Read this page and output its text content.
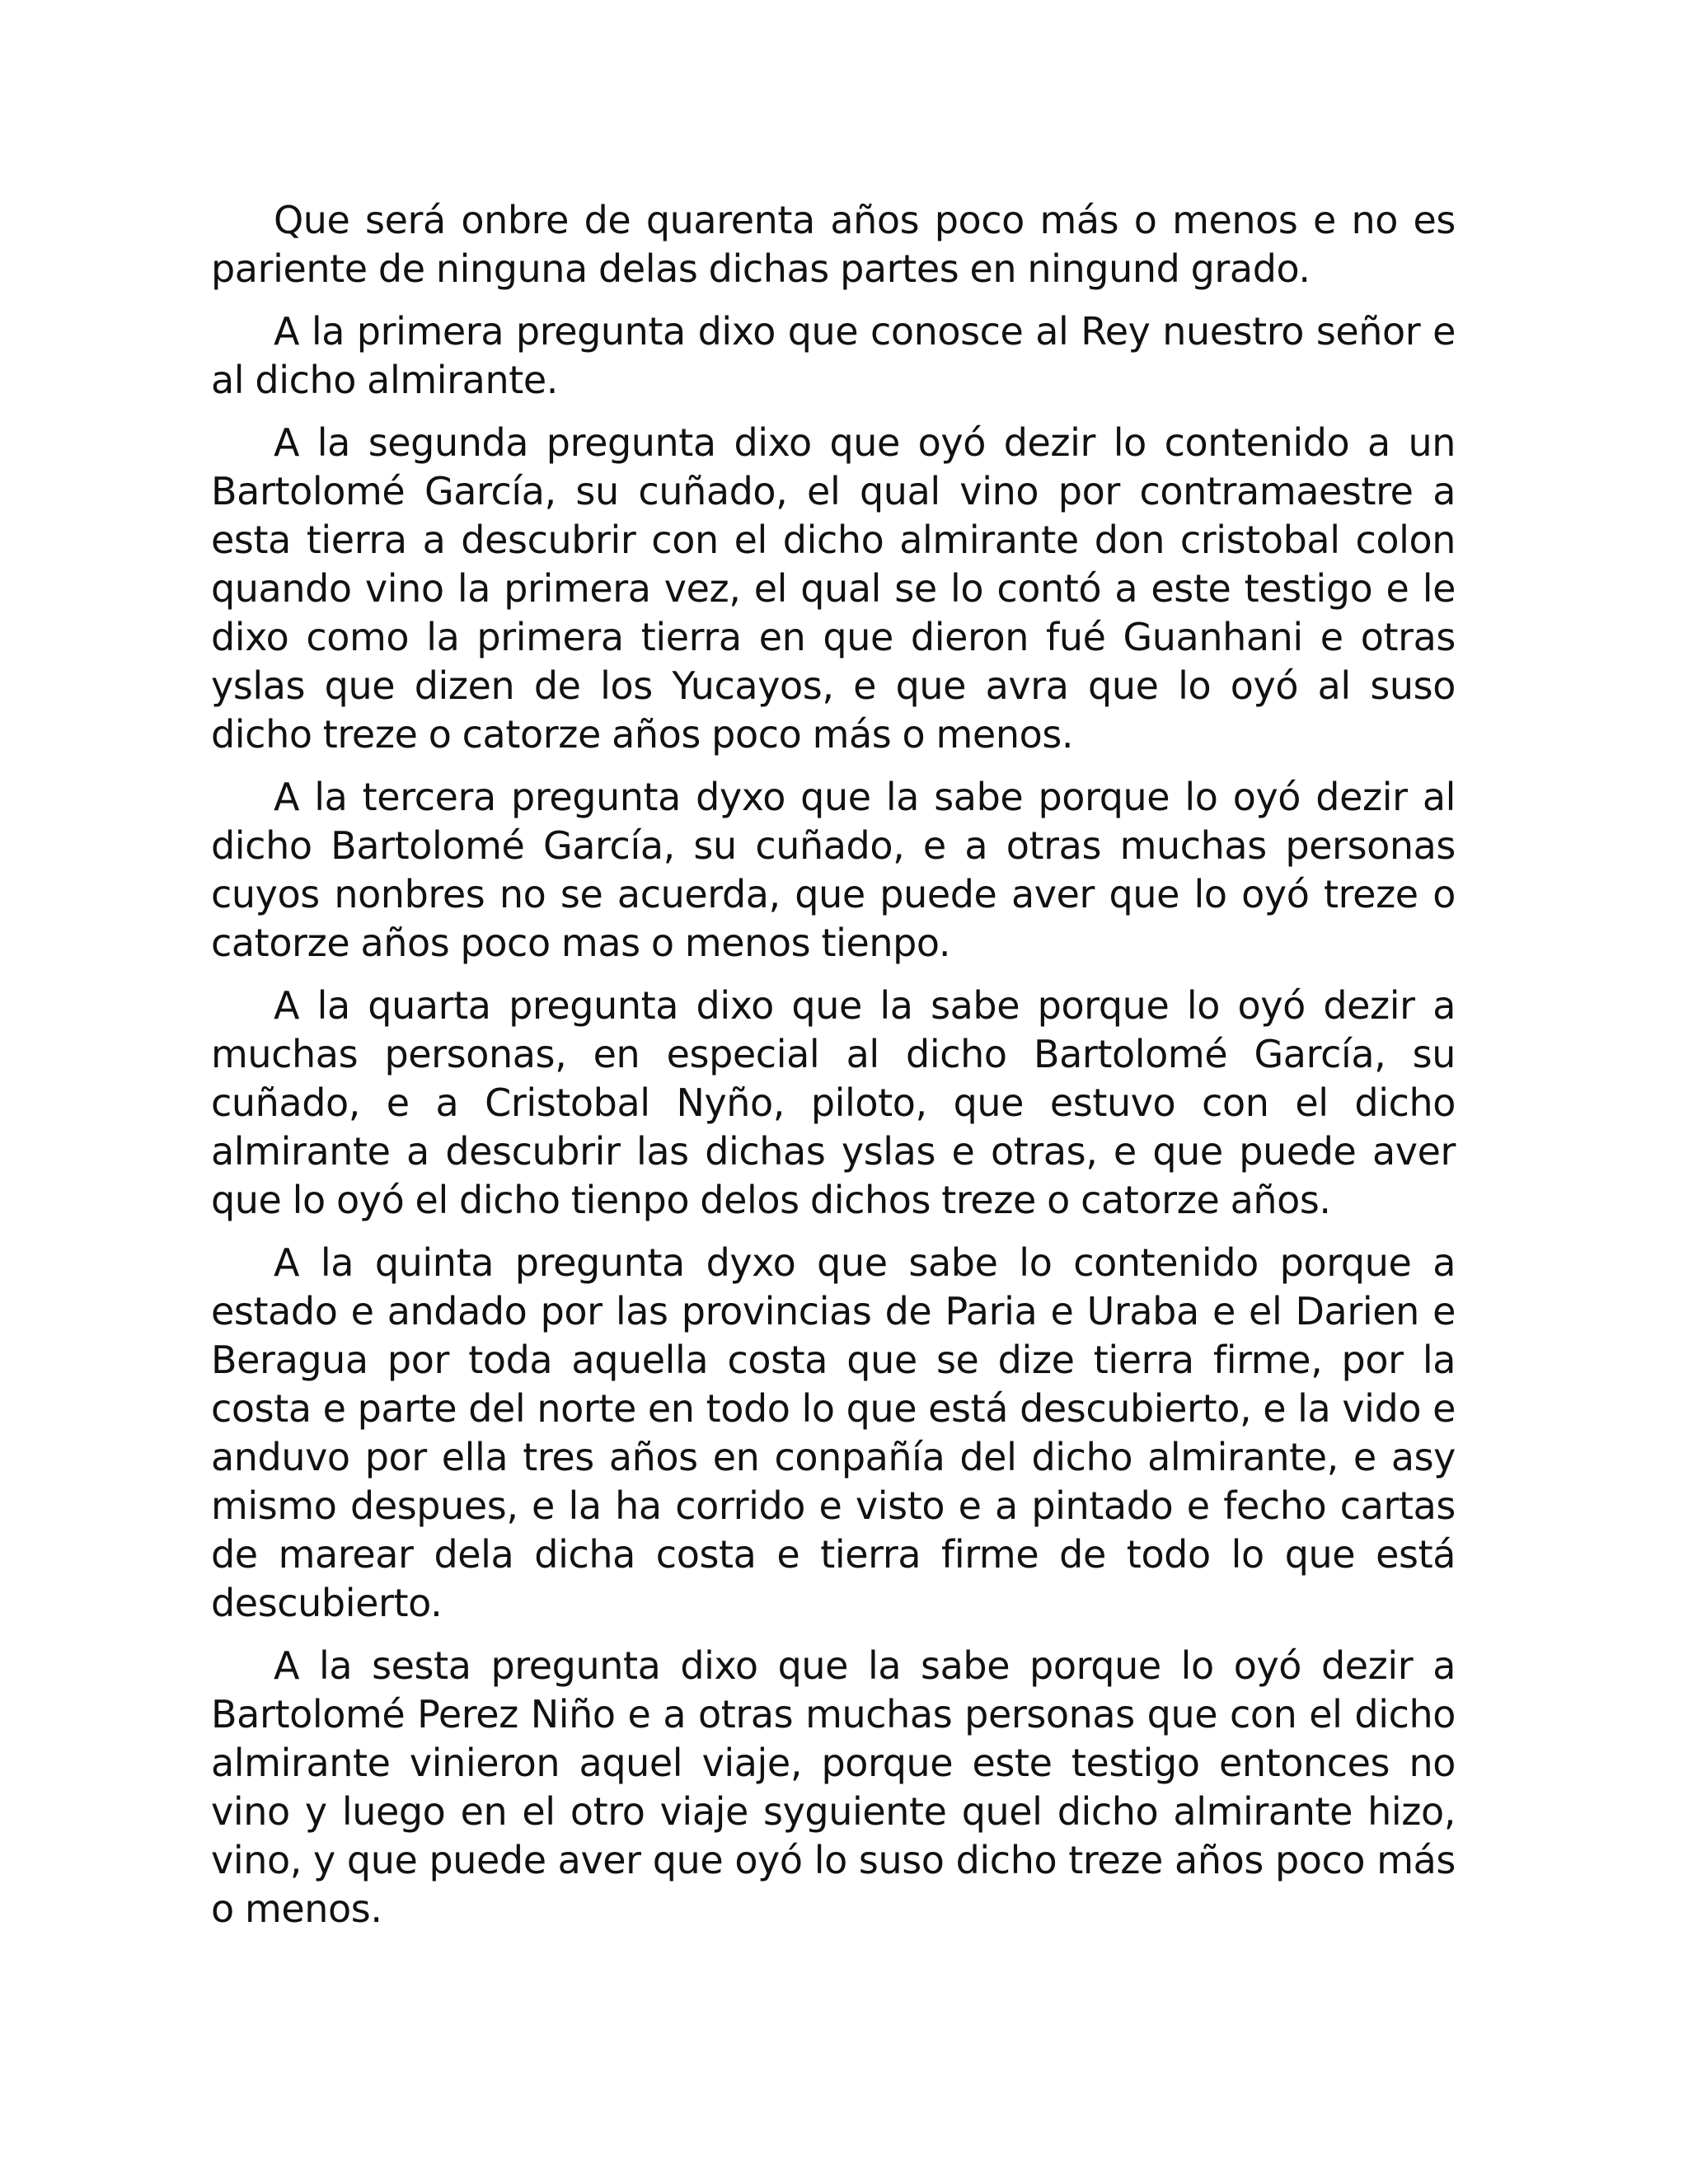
Que será onbre de quarenta años poco más o menos e no es pariente de ninguna delas dichas partes en ningund grado.

A la primera pregunta dixo que conosce al Rey nuestro señor e al dicho almirante.

A la segunda pregunta dixo que oyó dezir lo contenido a un Bartolomé García, su cuñado, el qual vino por contramaestre a esta tierra a descubrir con el dicho almirante don cristobal colon quando vino la primera vez, el qual se lo contó a este testigo e le dixo como la primera tierra en que dieron fué Guanhani e otras yslas que dizen de los Yucayos, e que avra que lo oyó al suso dicho treze o catorze años poco más o menos.

A la tercera pregunta dyxo que la sabe porque lo oyó dezir al dicho Bartolomé García, su cuñado, e a otras muchas personas cuyos nonbres no se acuerda, que puede aver que lo oyó treze o catorze años poco mas o menos tienpo.

A la quarta pregunta dixo que la sabe porque lo oyó dezir a muchas personas, en especial al dicho Bartolomé García, su cuñado, e a Cristobal Nyño, piloto, que estuvo con el dicho almirante a descubrir las dichas yslas e otras, e que puede aver que lo oyó el dicho tienpo delos dichos treze o catorze años.

A la quinta pregunta dyxo que sabe lo contenido porque a estado e andado por las provincias de Paria e Uraba e el Darien e Beragua por toda aquella costa que se dize tierra firme, por la costa e parte del norte en todo lo que está descubierto, e la vido e anduvo por ella tres años en conpañía del dicho almirante, e asy mismo despues, e la ha corrido e visto e a pintado e fecho cartas de marear dela dicha costa e tierra firme de todo lo que está descubierto.

A la sesta pregunta dixo que la sabe porque lo oyó dezir a Bartolomé Perez Niño e a otras muchas personas que con el dicho almirante vinieron aquel viaje, porque este testigo entonces no vino y luego en el otro viaje syguiente quel dicho almirante hizo, vino, y que puede aver que oyó lo suso dicho treze años poco más o menos.
